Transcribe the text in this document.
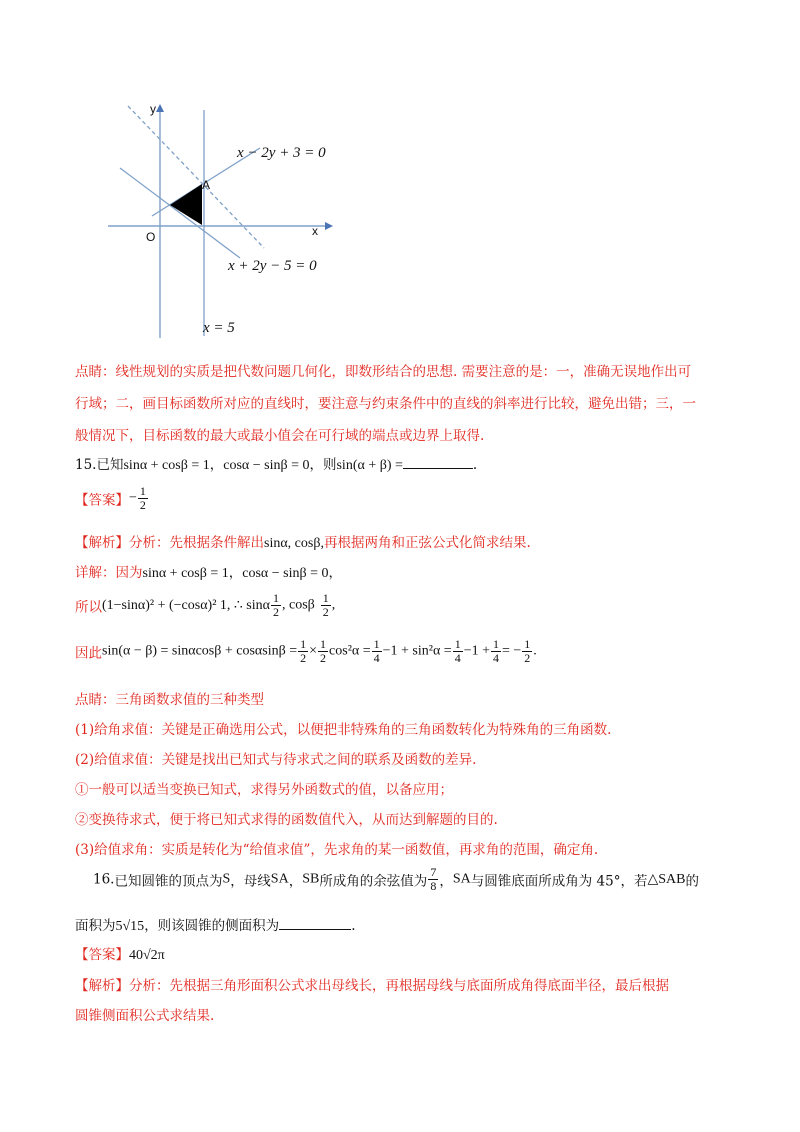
y
x
O
A
x − 2y + 3 = 0
x + 2y − 5 = 0
x = 5
点睛：线性规划的实质是把代数问题几何化，即数形结合的思想. 需要注意的是：一，准确无误地作出可
行域；二，画目标函数所对应的直线时，要注意与约束条件中的直线的斜率进行比较，避免出错；三，一
般情况下，目标函数的最大或最小值会在可行域的端点或边界上取得.
15.已知sinα + cosβ = 1，cosα − sinβ = 0，则sin(α + β) =	.
【答案】− $\frac{1}{2}$
【解析】分析：先根据条件解出sinα, cosβ,再根据两角和正弦公式化简求结果.
详解：因为sinα + cosβ = 1，cosα − sinβ = 0，
所以(1−sinα)² + (−cosα)² 1, ∴ sinα $\frac{1}{2}$ , cosβ $\frac{1}{2}$ ,
因此$\sin(\alpha - \beta) = \sin\alpha\cos\beta + \cos\alpha\sin\beta = \frac{1}{2} \times \frac{1}{2} \cos^2\alpha = \frac{1}{4} -1 + \sin^2\alpha = \frac{1}{4} -1 + \frac{1}{4}$ = − $\frac{1}{2}$ .
点睛：三角函数求值的三种类型
(1)给角求值：关键是正确选用公式，以便把非特殊角的三角函数转化为特殊角的三角函数.
(2)给值求值：关键是找出已知式与待求式之间的联系及函数的差异.
①一般可以适当变换已知式，求得另外函数式的值，以备应用；
②变换待求式，便于将已知式求得的函数值代入，从而达到解题的目的.
(3)给值求角：实质是转化为“给值求值”，先求角的某一函数值，再求角的范围，确定角.
16.已知圆锥的顶点为S，母线SA，SB所成角的余弦值为 $\frac{7}{8}$ ，SA与圆锥底面所成角为 45°，若△SAB的
面积为5√15，则该圆锥的侧面积为	.
【答案】40√2π
【解析】分析：先根据三角形面积公式求出母线长，再根据母线与底面所成角得底面半径，最后根据
圆锥侧面积公式求结果.
